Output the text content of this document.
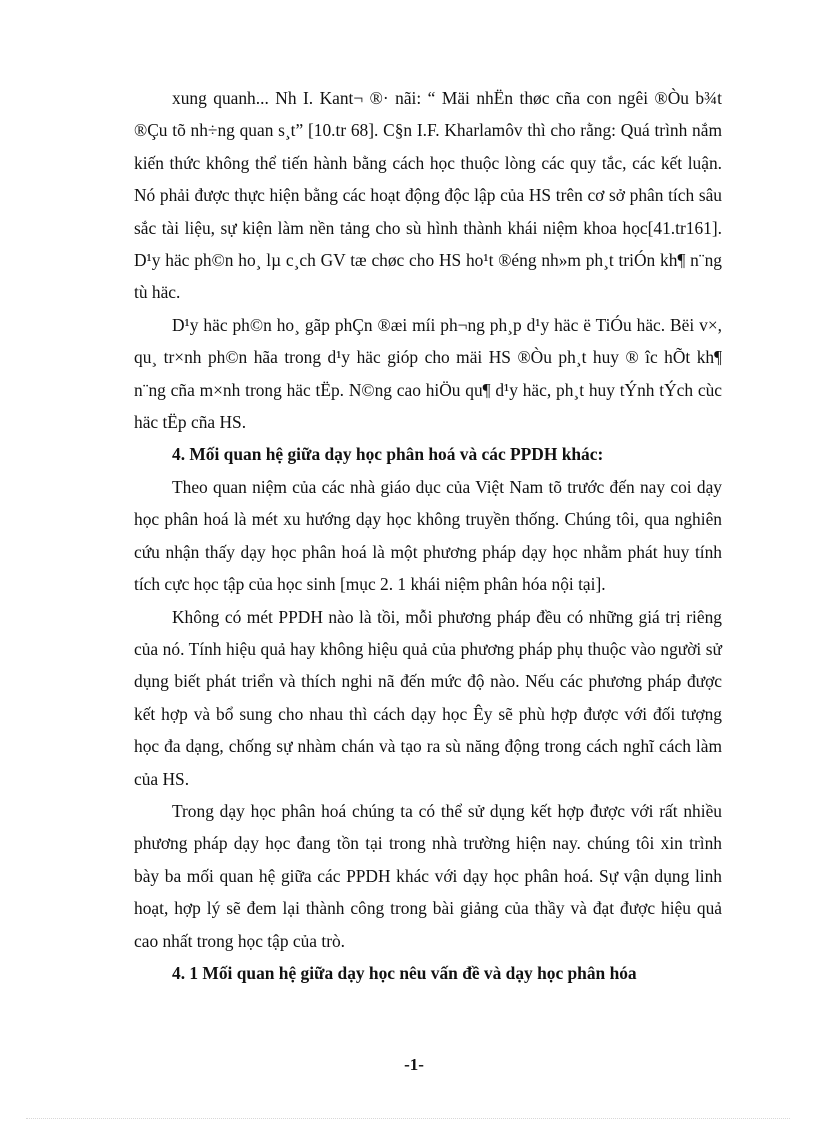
xung quanh... Nh I. Kant¬ ®· nãi: “ Mäi nhËn thøc cña con ngêi ®Òu b¾t ®Çu tõ nh÷ng quan s¸t” [10.tr 68]. C§n I.F. Kharlamôv thì cho rằng: Quá trình nắm kiến thức không thể tiến hành bằng cách học thuộc lòng các quy tắc, các kết luận. Nó phải được thực hiện bằng các hoạt động độc lập của HS trên cơ sở phân tích sâu sắc tài liệu, sự kiện làm nền tảng cho sù hình thành khái niệm khoa học[41.tr161]. D¹y häc ph©n ho¸ lµ c¸ch GV tæ chøc cho HS ho¹t ®éng nh»m ph¸t triÓn kh¶ n¨ng tù häc.

D¹y häc ph©n ho¸ gãp phÇn ®æi míi ph¬ng ph¸p d¹y häc ë TiÓu häc. Bëi v×, qu¸ tr×nh ph©n hãa trong d¹y häc gióp cho mäi HS ®Òu ph¸t huy ® îc hÕt kh¶ n¨ng cña m×nh trong häc tËp. N©ng cao hiÖu qu¶ d¹y häc, ph¸t huy tÝnh tÝch cùc häc tËp cña HS.

4. Mối quan hệ giữa dạy học phân hoá và các PPDH khác:

Theo quan niệm của các nhà giáo dục của Việt Nam tõ trước đến nay coi dạy học phân hoá là mét xu hướng dạy học không truyền thống. Chúng tôi, qua nghiên cứu nhận thấy dạy học phân hoá là một phương pháp dạy học nhằm phát huy tính tích cực học tập của học sinh [mục 2. 1 khái niệm phân hóa nội tại].

Không có mét PPDH nào là tồi, mỗi phương pháp đều có những giá trị riêng của nó. Tính hiệu quả hay không hiệu quả của phương pháp phụ thuộc vào người sử dụng biết phát triển và thích nghi nã đến mức độ nào. Nếu các phương pháp được kết hợp và bổ sung cho nhau thì cách dạy học Êy sẽ phù hợp được với đối tượng học đa dạng, chống sự nhàm chán và tạo ra sù năng động trong cách nghĩ cách làm của HS.

Trong dạy học phân hoá chúng ta có thể sử dụng kết hợp được với rất nhiều phương pháp dạy học đang tồn tại trong nhà trường hiện nay. chúng tôi xin trình bày ba mối quan hệ giữa các PPDH khác với dạy học phân hoá. Sự vận dụng linh hoạt, hợp lý sẽ đem lại thành công trong bài giảng của thầy và đạt được hiệu quả cao nhất trong học tập của trò.

4. 1 Mối quan hệ giữa dạy học nêu vấn đề và dạy học phân hóa

-1-
